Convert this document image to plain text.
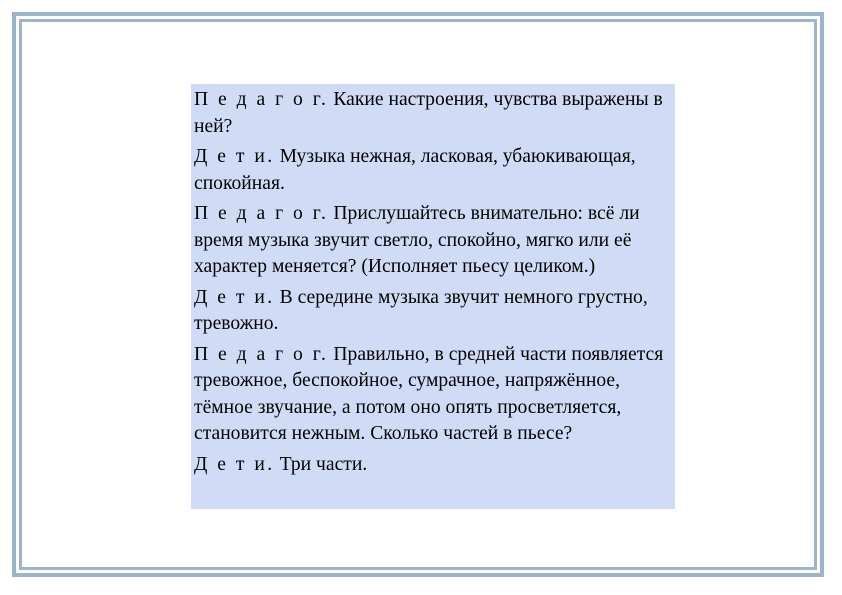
П е д а г о г. Какие настроения, чувства выражены в ней?

Д е т и. Музыка нежная, ласковая, убаюкивающая, спокойная.

П е д а г о г. Прислушайтесь внимательно: всё ли время музыка звучит светло, спокойно, мягко или её характер меняется? (Исполняет пьесу целиком.)

Д е т и. В середине музыка звучит немного грустно, тревожно.

П е д а г о г. Правильно, в средней части появляется тревожное, беспокойное, сумрачное, напряжённое, тёмное звучание, а потом оно опять просветляется, становится нежным. Сколько частей в пьесе?

Д е т и. Три части.
